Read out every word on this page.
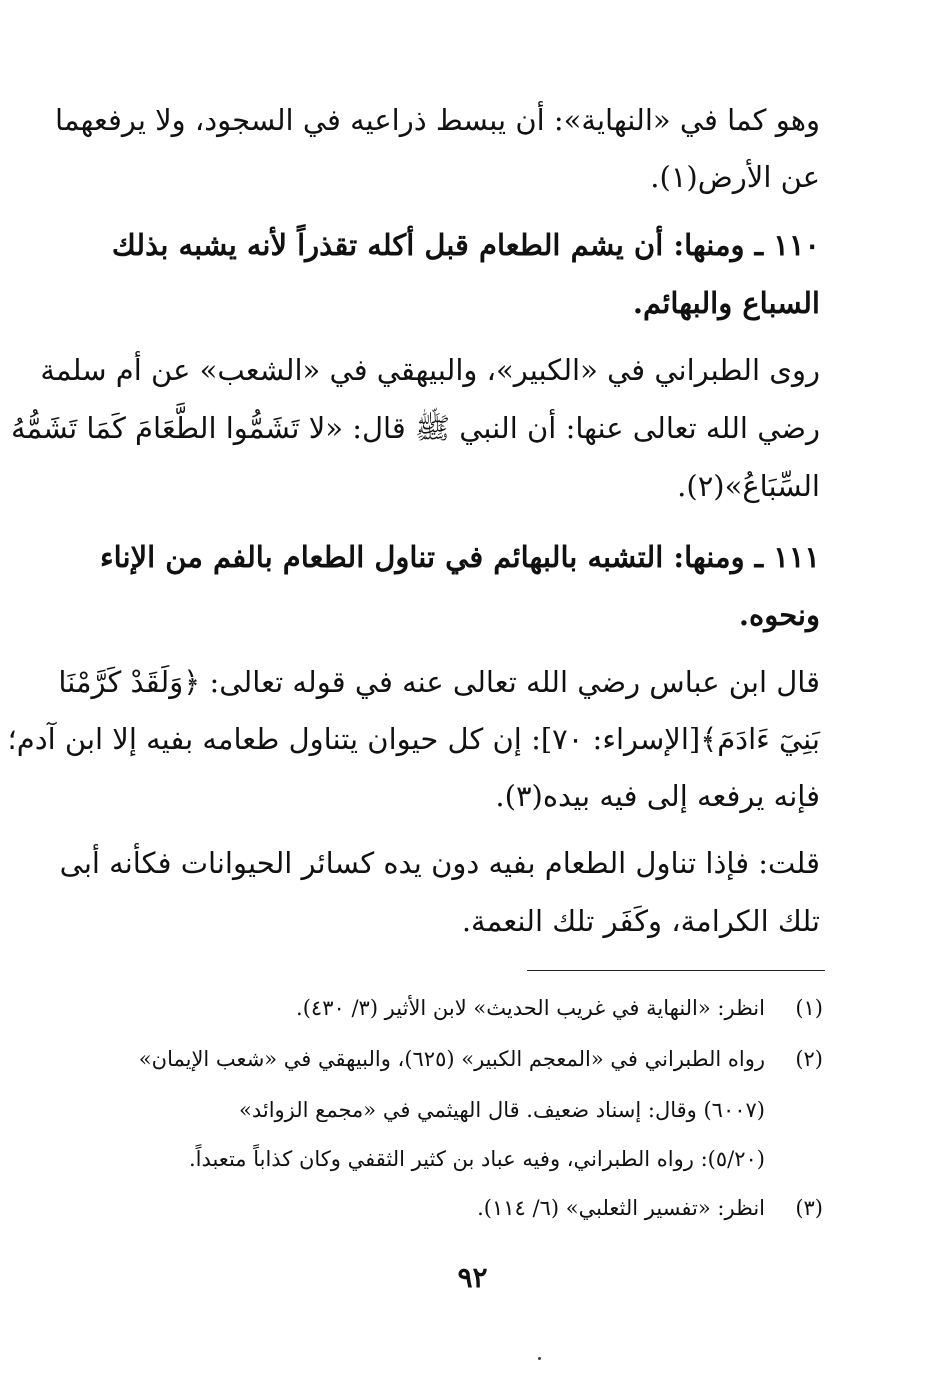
وهو كما في «النهاية»: أن يبسط ذراعيه في السجود، ولا يرفعهما
عن الأرض(١).
١١٠ ـ ومنها: أن يشم الطعام قبل أكله تقذراً لأنه يشبه بذلك
السباع والبهائم.
روى الطبراني في «الكبير»، والبيهقي في «الشعب» عن أم سلمة
رضي الله تعالى عنها: أن النبي ﷺ قال: «لا تَشَمُّوا الطَّعَامَ كَمَا تَشَمُّهُ
السِّبَاعُ»(٢).
١١١ ـ ومنها: التشبه بالبهائم في تناول الطعام بالفم من الإناء
ونحوه.
قال ابن عباس رضي الله تعالى عنه في قوله تعالى: ﴿وَلَقَدْ كَرَّمْنَا
بَنِيٓ ءَادَمَ﴾[الإسراء: ٧٠]: إن كل حيوان يتناول طعامه بفيه إلا ابن آدم؛
فإنه يرفعه إلى فيه بيده(٣).
قلت: فإذا تناول الطعام بفيه دون يده كسائر الحيوانات فكأنه أبى
تلك الكرامة، وكَفَر تلك النعمة.
(١)انظر: «النهاية في غريب الحديث» لابن الأثير (٣/ ٤٣٠).
(٢)رواه الطبراني في «المعجم الكبير» (٦٢٥)، والبيهقي في «شعب الإيمان»
(٦٠٠٧) وقال: إسناد ضعيف. قال الهيثمي في «مجمع الزوائد»
(٥/٢٠): رواه الطبراني، وفيه عباد بن كثير الثقفي وكان كذاباً متعبداً.
(٣)انظر: «تفسير الثعلبي» (٦/ ١١٤).
٩٢
